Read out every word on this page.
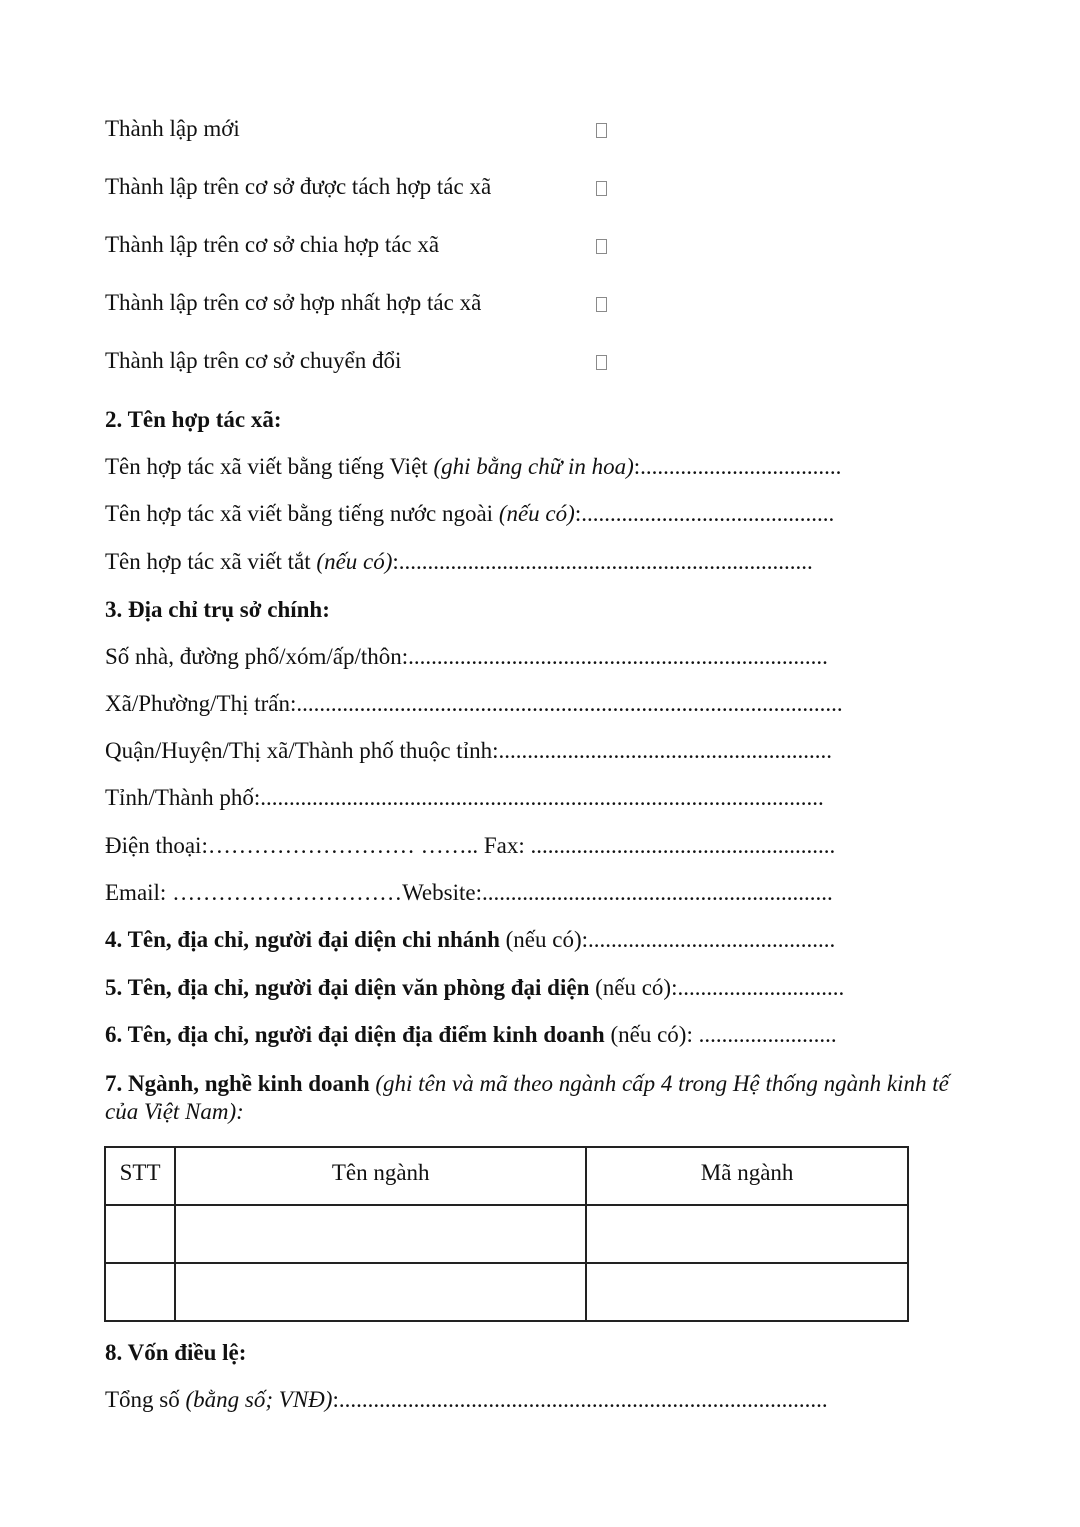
Thành lập mới
Thành lập trên cơ sở được tách hợp tác xã
Thành lập trên cơ sở chia hợp tác xã
Thành lập trên cơ sở hợp nhất hợp tác xã
Thành lập trên cơ sở chuyển đổi
2. Tên hợp tác xã:
Tên hợp tác xã viết bằng tiếng Việt (ghi bằng chữ in hoa):...................................
Tên hợp tác xã viết bằng tiếng nước ngoài (nếu có):............................................
Tên hợp tác xã viết tắt (nếu có):........................................................................
3. Địa chỉ trụ sở chính:
Số nhà, đường phố/xóm/ấp/thôn:.........................................................................
Xã/Phường/Thị trấn:...............................................................................................
Quận/Huyện/Thị xã/Thành phố thuộc tỉnh:..........................................................
Tỉnh/Thành phố:..................................................................................................
Điện thoại:……………………… …….. Fax: .....................................................
Email: …………………………Website:.............................................................
4. Tên, địa chỉ, người đại diện chi nhánh (nếu có):...........................................
5. Tên, địa chỉ, người đại diện văn phòng đại diện (nếu có):.............................
6. Tên, địa chỉ, người đại diện địa điểm kinh doanh (nếu có): ........................
7. Ngành, nghề kinh doanh (ghi tên và mã theo ngành cấp 4 trong Hệ thống ngành kinh tế của Việt Nam):
STT	Tên ngành	Mã ngành

8. Vốn điều lệ:
Tổng số (bằng số; VNĐ):.....................................................................................
